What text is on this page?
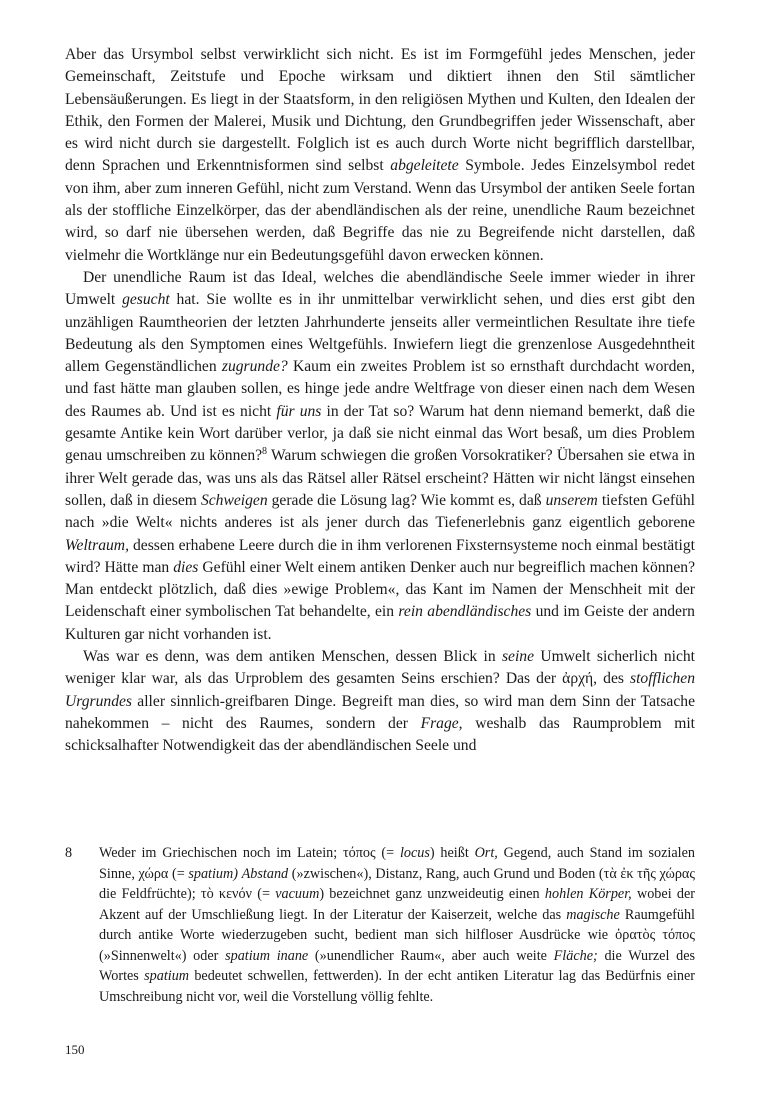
Aber das Ursymbol selbst verwirklicht sich nicht. Es ist im Formgefühl jedes Menschen, jeder Gemeinschaft, Zeitstufe und Epoche wirksam und diktiert ihnen den Stil sämtlicher Lebensäußerungen. Es liegt in der Staatsform, in den religiösen Mythen und Kulten, den Idealen der Ethik, den Formen der Malerei, Musik und Dichtung, den Grundbegriffen jeder Wissenschaft, aber es wird nicht durch sie dargestellt. Folglich ist es auch durch Worte nicht begrifflich darstellbar, denn Sprachen und Erkenntnisformen sind selbst abgeleitete Symbole. Jedes Einzelsymbol redet von ihm, aber zum inneren Gefühl, nicht zum Verstand. Wenn das Ursymbol der antiken Seele fortan als der stoffliche Einzelkörper, das der abendländischen als der reine, unendliche Raum bezeichnet wird, so darf nie übersehen werden, daß Begriffe das nie zu Begreifende nicht darstellen, daß vielmehr die Wortklänge nur ein Bedeutungsgefühl davon erwecken können.

Der unendliche Raum ist das Ideal, welches die abendländische Seele immer wieder in ihrer Umwelt gesucht hat. Sie wollte es in ihr unmittelbar verwirklicht sehen, und dies erst gibt den unzähligen Raumtheorien der letzten Jahrhunderte jenseits aller vermeintlichen Resultate ihre tiefe Bedeutung als den Symptomen eines Weltgefühls. Inwiefern liegt die grenzenlose Ausgedehntheit allem Gegenständlichen zugrunde? Kaum ein zweites Problem ist so ernsthaft durchdacht worden, und fast hätte man glauben sollen, es hinge jede andre Weltfrage von dieser einen nach dem Wesen des Raumes ab. Und ist es nicht für uns in der Tat so? Warum hat denn niemand bemerkt, daß die gesamte Antike kein Wort darüber verlor, ja daß sie nicht einmal das Wort besaß, um dies Problem genau umschreiben zu können?$^8$ Warum schwiegen die großen Vorsokratiker? Übersahen sie etwa in ihrer Welt gerade das, was uns als das Rätsel aller Rätsel erscheint? Hätten wir nicht längst einsehen sollen, daß in diesem Schweigen gerade die Lösung lag? Wie kommt es, daß unserem tiefsten Gefühl nach »die Welt« nichts anderes ist als jener durch das Tiefenerlebnis ganz eigentlich geborene Weltraum, dessen erhabene Leere durch die in ihm verlorenen Fixsternsysteme noch einmal bestätigt wird? Hätte man dies Gefühl einer Welt einem antiken Denker auch nur begreiflich machen können? Man entdeckt plötzlich, daß dies »ewige Problem«, das Kant im Namen der Menschheit mit der Leidenschaft einer symbolischen Tat behandelte, ein rein abendländisches und im Geiste der andern Kulturen gar nicht vorhanden ist.

Was war es denn, was dem antiken Menschen, dessen Blick in seine Umwelt sicherlich nicht weniger klar war, als das Urproblem des gesamten Seins erschien? Das der ἀρχή, des stofflichen Urgrundes aller sinnlich-greifbaren Dinge. Begreift man dies, so wird man dem Sinn der Tatsache nahekommen – nicht des Raumes, sondern der Frage, weshalb das Raumproblem mit schicksalhafter Notwendigkeit das der abendländischen Seele und

8	Weder im Griechischen noch im Latein; τόπος (= locus) heißt Ort, Gegend, auch Stand im sozialen Sinne, χώρα (= spatium) Abstand (»zwischen«), Distanz, Rang, auch Grund und Boden (τὰ ἐκ τῆς χώρας die Feldfrüchte); τὸ κενόν (= vacuum) bezeichnet ganz unzweideutig einen hohlen Körper, wobei der Akzent auf der Umschließung liegt. In der Literatur der Kaiserzeit, welche das magische Raumgefühl durch antike Worte wiederzugeben sucht, bedient man sich hilfloser Ausdrücke wie ὁρατὸς τόπος (»Sinnenwelt«) oder spatium inane (»unendlicher Raum«, aber auch weite Fläche; die Wurzel des Wortes spatium bedeutet schwellen, fettwerden). In der echt antiken Literatur lag das Bedürfnis einer Umschreibung nicht vor, weil die Vorstellung völlig fehlte.
150
